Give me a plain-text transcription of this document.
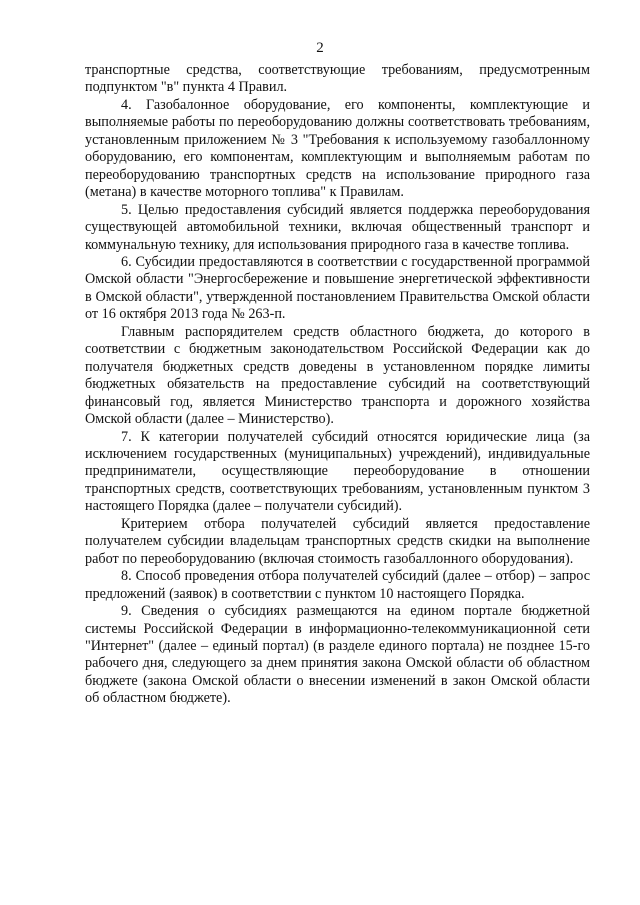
2

транспортные средства, соответствующие требованиям, предусмотренным подпунктом "в" пункта 4 Правил.

4. Газобалонное оборудование, его компоненты, комплектующие и выполняемые работы по переоборудованию должны соответствовать требованиям, установленным приложением № 3 "Требования к используемому газобаллонному оборудованию, его компонентам, комплектующим и выполняемым работам по переоборудованию транспортных средств на использование природного газа (метана) в качестве моторного топлива" к Правилам.

5. Целью предоставления субсидий является поддержка переоборудования существующей автомобильной техники, включая общественный транспорт и коммунальную технику, для использования природного газа в качестве топлива.

6. Субсидии предоставляются в соответствии с государственной программой Омской области "Энергосбережение и повышение энергетической эффективности в Омской области", утвержденной постановлением Правительства Омской области от 16 октября 2013 года № 263-п.

Главным распорядителем средств областного бюджета, до которого в соответствии с бюджетным законодательством Российской Федерации как до получателя бюджетных средств доведены в установленном порядке лимиты бюджетных обязательств на предоставление субсидий на соответствующий финансовый год, является Министерство транспорта и дорожного хозяйства Омской области (далее – Министерство).

7. К категории получателей субсидий относятся юридические лица (за исключением государственных (муниципальных) учреждений), индивидуальные предприниматели, осуществляющие переоборудование в отношении транспортных средств, соответствующих требованиям, установленным пунктом 3 настоящего Порядка (далее – получатели субсидий).

Критерием отбора получателей субсидий является предоставление получателем субсидии владельцам транспортных средств скидки на выполнение работ по переоборудованию (включая стоимость газобаллонного оборудования).

8. Способ проведения отбора получателей субсидий (далее – отбор) – запрос предложений (заявок) в соответствии с пунктом 10 настоящего Порядка.

9. Сведения о субсидиях размещаются на едином портале бюджетной системы Российской Федерации в информационно-телекоммуникационной сети "Интернет" (далее – единый портал) (в разделе единого портала) не позднее 15-го рабочего дня, следующего за днем принятия закона Омской области об областном бюджете (закона Омской области о внесении изменений в закон Омской области об областном бюджете).
